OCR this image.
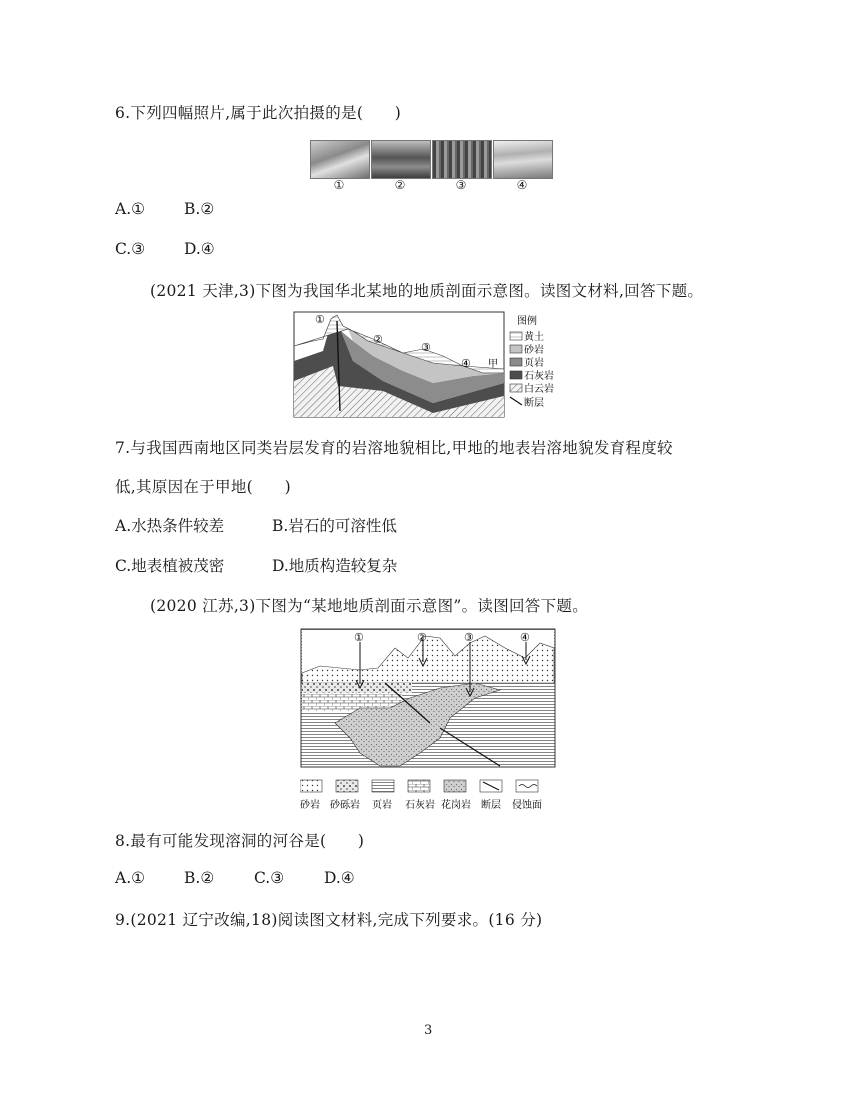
6.下列四幅照片,属于此次拍摄的是(　　)
①	②	③	④
A.①	B.②
C.③	D.④
(2021 天津,3)下图为我国华北某地的地质剖面示意图。读图文材料,回答下题。
①
②
③
④ 甲
图例
黄土
砂岩
页岩
石灰岩
白云岩
断层
7.与我国西南地区同类岩层发育的岩溶地貌相比,甲地的地表岩溶地貌发育程度较
低,其原因在于甲地(　　)
A.水热条件较差	B.岩石的可溶性低
C.地表植被茂密	D.地质构造较复杂
(2020 江苏,3)下图为“某地地质剖面示意图”。读图回答下题。
①	②	③	④
砂岩 砂砾岩 页岩 石灰岩 花岗岩 断层 侵蚀面
8.最有可能发现溶洞的河谷是(　　)
A.①	B.②	C.③	D.④
9.(2021 辽宁改编,18)阅读图文材料,完成下列要求。(16 分)
3
